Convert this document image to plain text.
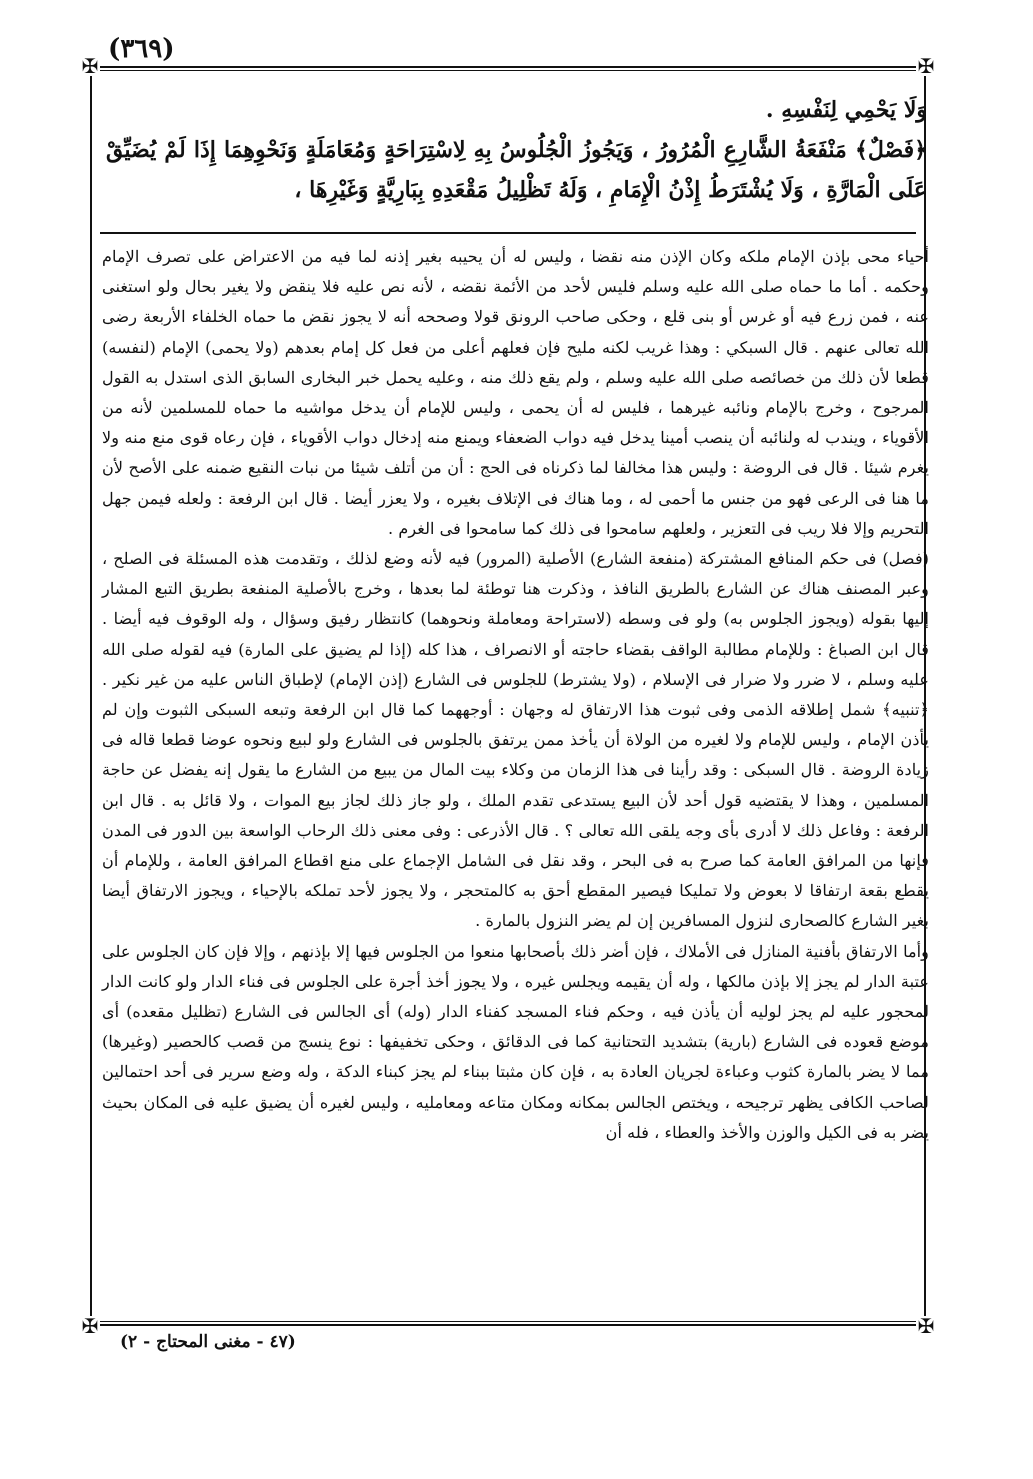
(٣٦٩)
✠	✠
✠	✠

وَلَا يَحْمِي لِنَفْسِهِ .

﴿فَصْلٌ﴾ مَنْفَعَةُ الشَّارِعِ الْمُرُورُ ، وَيَجُوزُ الْجُلُوسُ بِهِ لِاسْتِرَاحَةٍ وَمُعَامَلَةٍ وَنَحْوِهِمَا إِذَا لَمْ يُضَيِّقْ عَلَى الْمَارَّةِ ، وَلَا يُشْتَرَطُ إِذْنُ الْإِمَامِ ، وَلَهُ تَظْلِيلُ مَقْعَدِهِ بِبَارِيَّةٍ وَغَيْرِهَا ،

أحياء محى بإذن الإمام ملكه وكان الإذن منه نقضا ، وليس له أن يحيبه بغير إذنه لما فيه من الاعتراض على تصرف الإمام وحكمه . أما ما حماه صلى الله عليه وسلم فليس لأحد من الأئمة نقضه ، لأنه نص عليه فلا ينقض ولا يغير بحال ولو استغنى عنه ، فمن زرع فيه أو غرس أو بنى قلع ، وحكى صاحب الرونق قولا وصححه أنه لا يجوز نقض ما حماه الخلفاء الأربعة رضى الله تعالى عنهم . قال السبكي : وهذا غريب لكنه مليح فإن فعلهم أعلى من فعل كل إمام بعدهم (ولا يحمى) الإمام (لنفسه) قطعا لأن ذلك من خصائصه صلى الله عليه وسلم ، ولم يقع ذلك منه ، وعليه يحمل خبر البخارى السابق الذى استدل به القول المرجوح ، وخرج بالإمام ونائبه غيرهما ، فليس له أن يحمى ، وليس للإمام أن يدخل مواشيه ما حماه للمسلمين لأنه من الأقوياء ، ويندب له ولنائبه أن ينصب أمينا يدخل فيه دواب الضعفاء ويمنع منه إدخال دواب الأقوياء ، فإن رعاه قوى منع منه ولا يغرم شيئا . قال فى الروضة : وليس هذا مخالفا لما ذكرناه فى الحج : أن من أتلف شيئا من نبات النقيع ضمنه على الأصح لأن ما هنا فى الرعى فهو من جنس ما أحمى له ، وما هناك فى الإتلاف بغيره ، ولا يعزر أيضا . قال ابن الرفعة : ولعله فيمن جهل التحريم وإلا فلا ريب فى التعزير ، ولعلهم سامحوا فى ذلك كما سامحوا فى الغرم .

(فصل) فى حكم المنافع المشتركة (منفعة الشارع) الأصلية (المرور) فيه لأنه وضع لذلك ، وتقدمت هذه المسئلة فى الصلح ، وعبر المصنف هناك عن الشارع بالطريق النافذ ، وذكرت هنا توطئة لما بعدها ، وخرج بالأصلية المنفعة بطريق التبع المشار إليها بقوله (ويجوز الجلوس به) ولو فى وسطه (لاستراحة ومعاملة ونحوهما) كانتظار رفيق وسؤال ، وله الوقوف فيه أيضا . قال ابن الصباغ : وللإمام مطالبة الواقف بقضاء حاجته أو الانصراف ، هذا كله (إذا لم يضيق على المارة) فيه لقوله صلى الله عليه وسلم ، لا ضرر ولا ضرار فى الإسلام ، (ولا يشترط) للجلوس فى الشارع (إذن الإمام) لإطباق الناس عليه من غير نكير . ﴿تنبيه﴾ شمل إطلاقه الذمى وفى ثبوت هذا الارتفاق له وجهان : أوجههما كما قال ابن الرفعة وتبعه السبكى الثبوت وإن لم يأذن الإمام ، وليس للإمام ولا لغيره من الولاة أن يأخذ ممن يرتفق بالجلوس فى الشارع ولو لبيع ونحوه عوضا قطعا قاله فى زيادة الروضة . قال السبكى : وقد رأينا فى هذا الزمان من وكلاء بيت المال من يبيع من الشارع ما يقول إنه يفضل عن حاجة المسلمين ، وهذا لا يقتضيه قول أحد لأن البيع يستدعى تقدم الملك ، ولو جاز ذلك لجاز بيع الموات ، ولا قائل به . قال ابن الرفعة : وفاعل ذلك لا أدرى بأى وجه يلقى الله تعالى ؟ . قال الأذرعى : وفى معنى ذلك الرحاب الواسعة بين الدور فى المدن فإنها من المرافق العامة كما صرح به فى البحر ، وقد نقل فى الشامل الإجماع على منع اقطاع المرافق العامة ، وللإمام أن يقطع بقعة ارتفاقا لا بعوض ولا تمليكا فيصير المقطع أحق به كالمتحجر ، ولا يجوز لأحد تملكه بالإحياء ، ويجوز الارتفاق أيضا بغير الشارع كالصحارى لنزول المسافرين إن لم يضر النزول بالمارة .

وأما الارتفاق بأفنية المنازل فى الأملاك ، فإن أضر ذلك بأصحابها منعوا من الجلوس فيها إلا بإذنهم ، وإلا فإن كان الجلوس على عتبة الدار لم يجز إلا بإذن مالكها ، وله أن يقيمه ويجلس غيره ، ولا يجوز أخذ أجرة على الجلوس فى فناء الدار ولو كانت الدار لمحجور عليه لم يجز لوليه أن يأذن فيه ، وحكم فناء المسجد كفناء الدار (وله) أى الجالس فى الشارع (تظليل مقعده) أى موضع قعوده فى الشارع (بارية) بتشديد التحتانية كما فى الدقائق ، وحكى تخفيفها : نوع ينسج من قصب كالحصير (وغيرها) مما لا يضر بالمارة كثوب وعباءة لجريان العادة به ، فإن كان مثبتا ببناء لم يجز كبناء الدكة ، وله وضع سرير فى أحد احتمالين لصاحب الكافى يظهر ترجيحه ، ويختص الجالس بمكانه ومكان متاعه ومعامليه ، وليس لغيره أن يضيق عليه فى المكان بحيث يضر به فى الكيل والوزن والأخذ والعطاء ، فله أن

(٤٧ - مغنى المحتاج - ٢)
